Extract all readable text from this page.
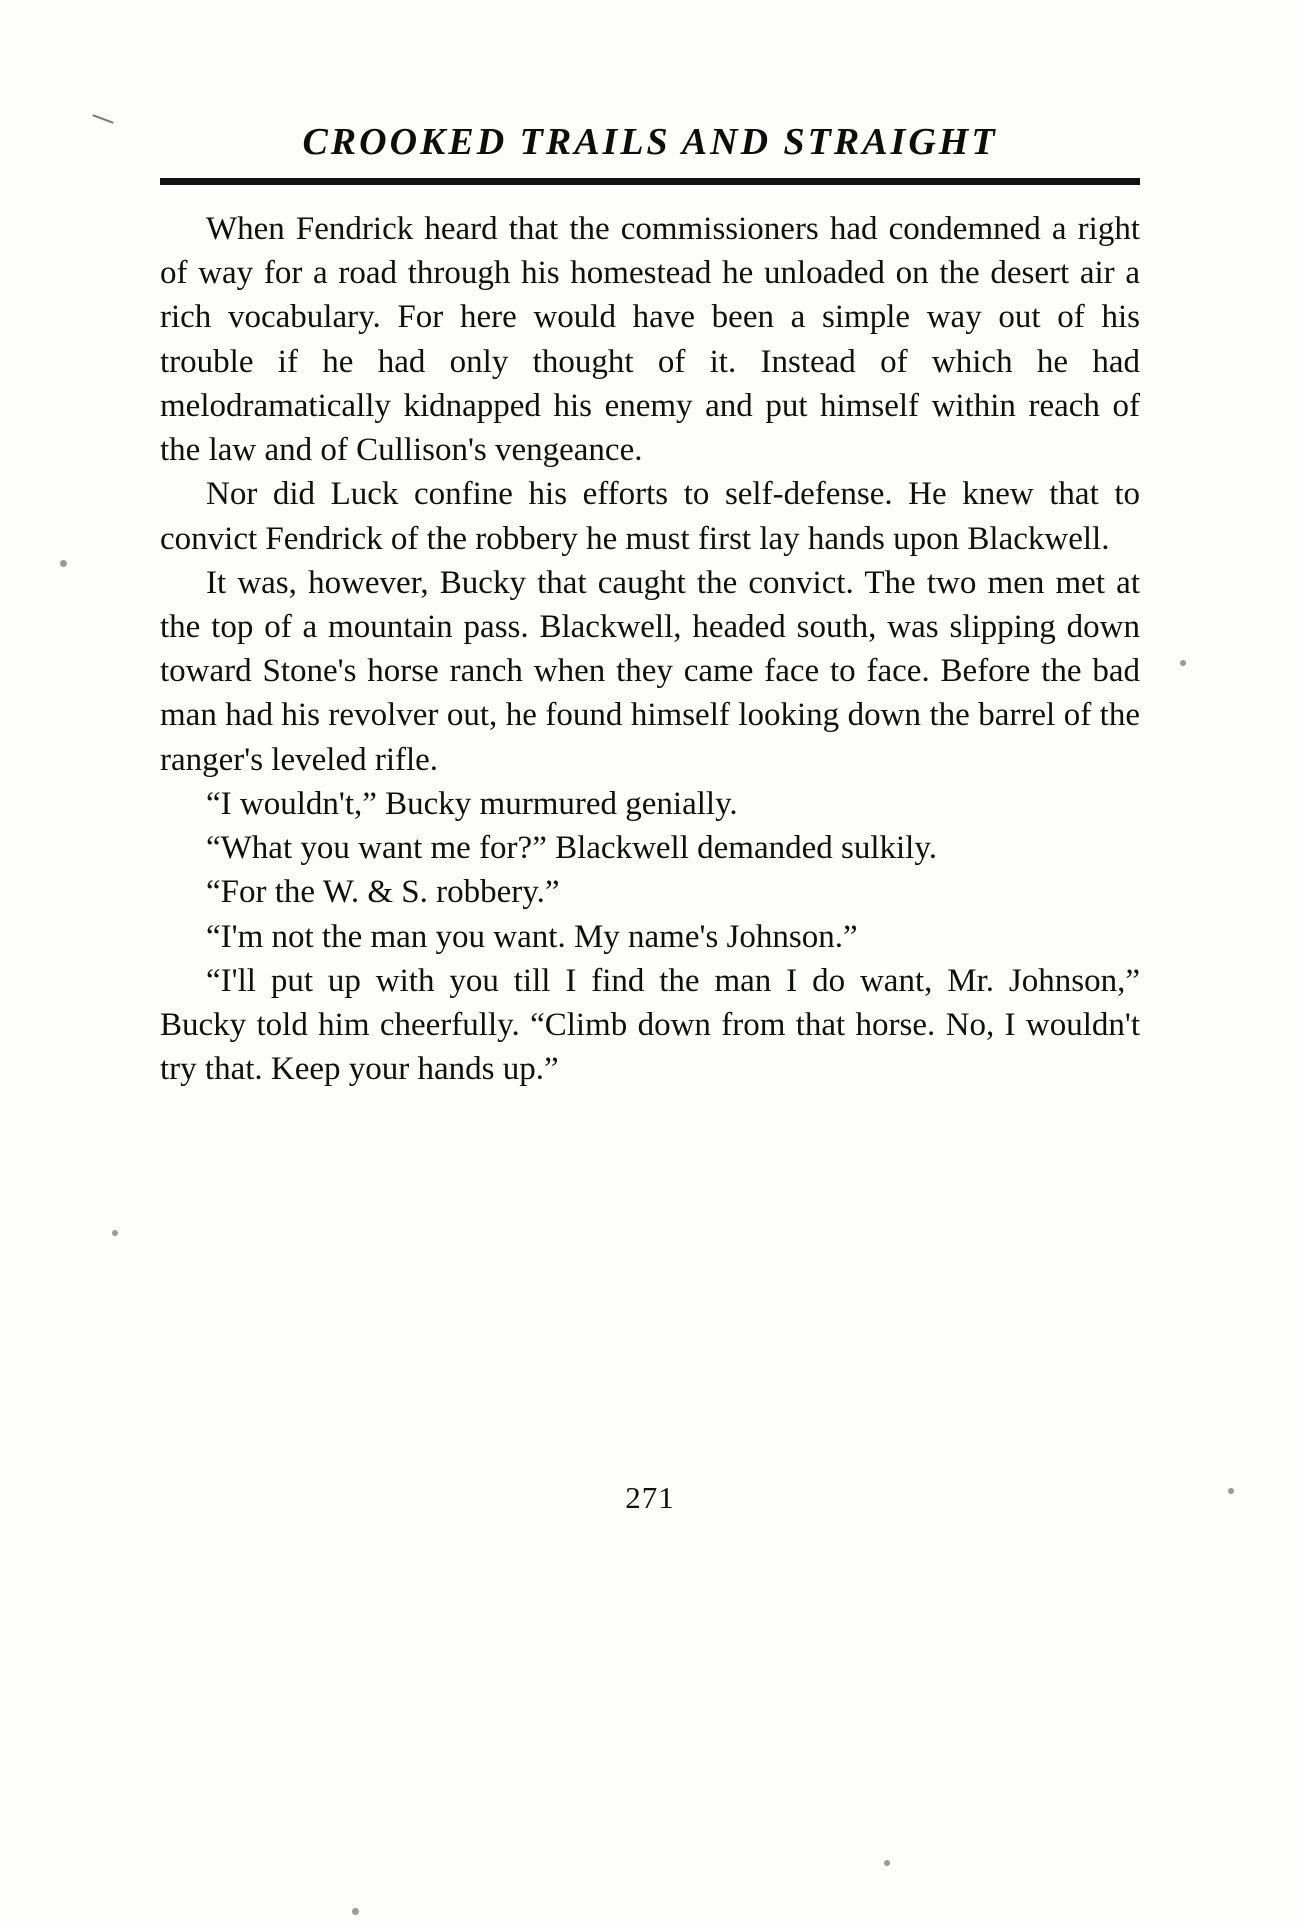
CROOKED TRAILS AND STRAIGHT

When Fendrick heard that the commissioners had condemned a right of way for a road through his homestead he unloaded on the desert air a rich vocabulary. For here would have been a simple way out of his trouble if he had only thought of it. Instead of which he had melodramatically kidnapped his enemy and put himself within reach of the law and of Cullison's vengeance.

Nor did Luck confine his efforts to self-defense. He knew that to convict Fendrick of the robbery he must first lay hands upon Blackwell.

It was, however, Bucky that caught the convict. The two men met at the top of a mountain pass. Blackwell, headed south, was slipping down toward Stone's horse ranch when they came face to face. Before the bad man had his revolver out, he found himself looking down the barrel of the ranger's leveled rifle.

“I wouldn't,” Bucky murmured genially.

“What you want me for?” Blackwell demanded sulkily.

“For the W. & S. robbery.”

“I'm not the man you want. My name's Johnson.”

“I'll put up with you till I find the man I do want, Mr. Johnson,” Bucky told him cheerfully. “Climb down from that horse. No, I wouldn't try that. Keep your hands up.”

271
